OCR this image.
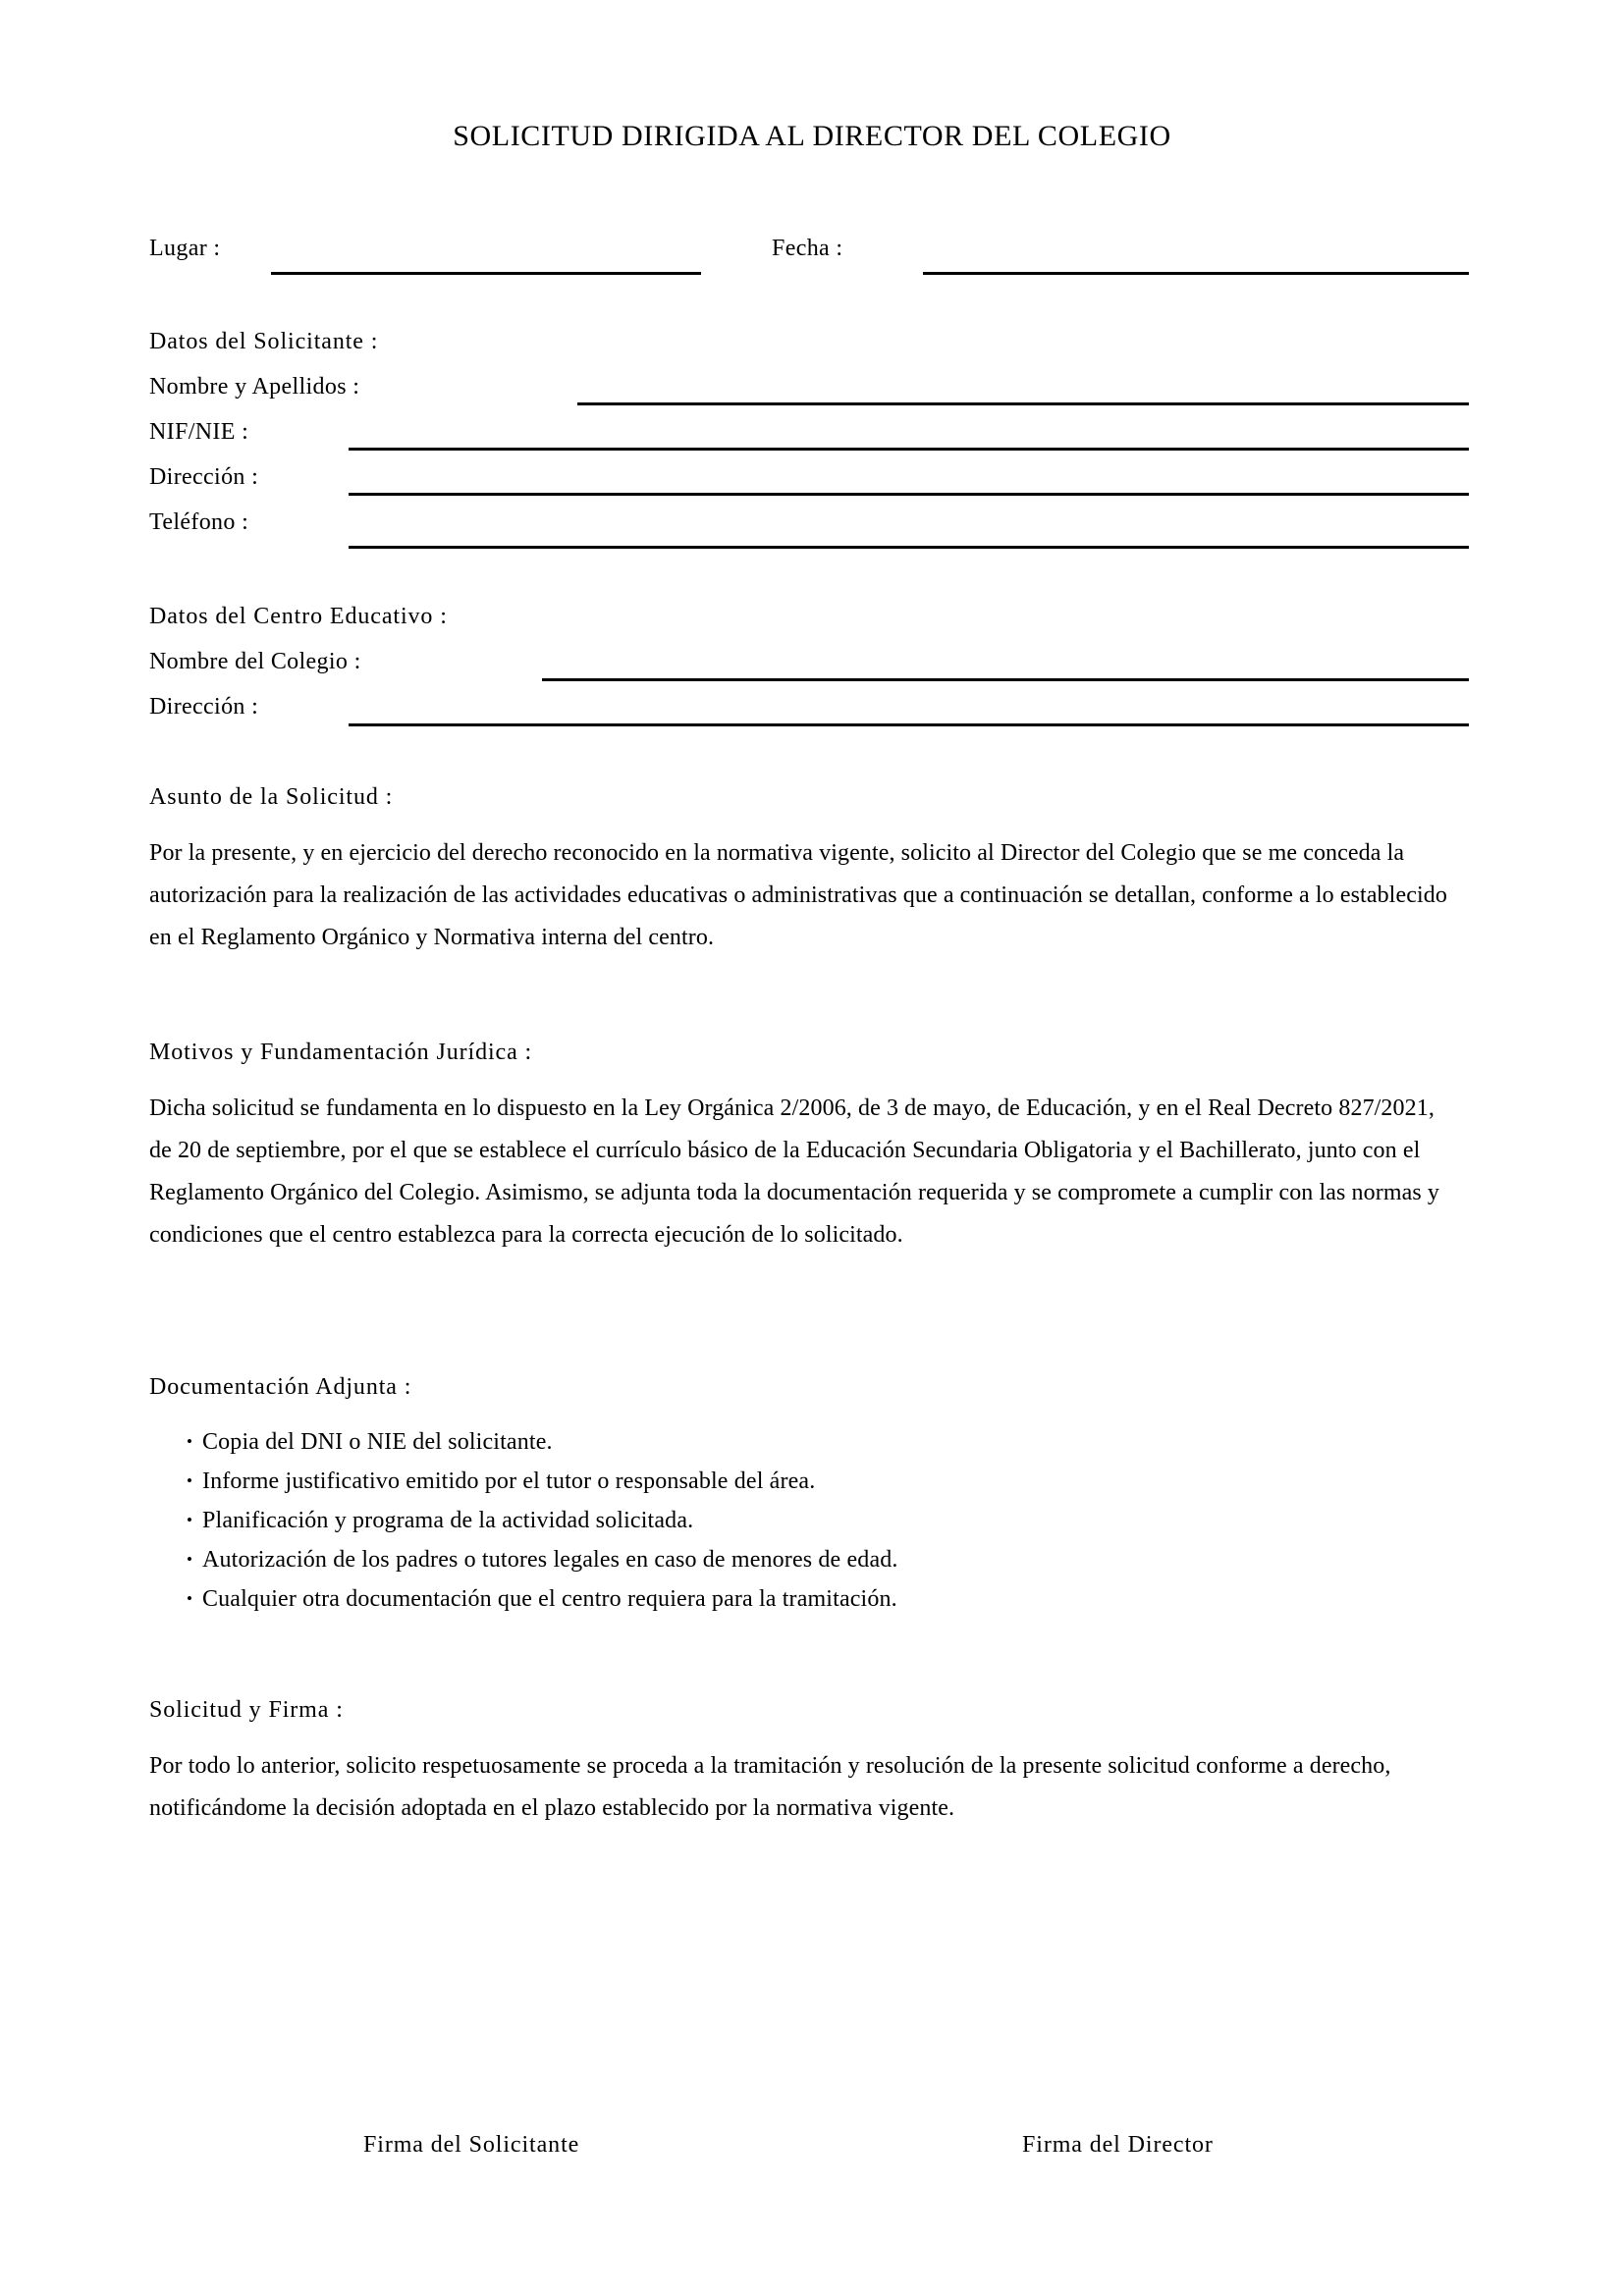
SOLICITUD DIRIGIDA AL DIRECTOR DEL COLEGIO
Lugar :	Fecha :
Datos del Solicitante :
Nombre y Apellidos :
NIF/NIE :
Dirección :
Teléfono :
Datos del Centro Educativo :
Nombre del Colegio :
Dirección :
Asunto de la Solicitud :
Por la presente, y en ejercicio del derecho reconocido en la normativa vigente, solicito al Director del Colegio que se me conceda la autorización para la realización de las actividades educativas o administrativas que a continuación se detallan, conforme a lo establecido en el Reglamento Orgánico y Normativa interna del centro.
Motivos y Fundamentación Jurídica :
Dicha solicitud se fundamenta en lo dispuesto en la Ley Orgánica 2/2006, de 3 de mayo, de Educación, y en el Real Decreto 827/2021, de 20 de septiembre, por el que se establece el currículo básico de la Educación Secundaria Obligatoria y el Bachillerato, junto con el Reglamento Orgánico del Colegio. Asimismo, se adjunta toda la documentación requerida y se compromete a cumplir con las normas y condiciones que el centro establezca para la correcta ejecución de lo solicitado.
Documentación Adjunta :
• Copia del DNI o NIE del solicitante.
• Informe justificativo emitido por el tutor o responsable del área.
• Planificación y programa de la actividad solicitada.
• Autorización de los padres o tutores legales en caso de menores de edad.
• Cualquier otra documentación que el centro requiera para la tramitación.
Solicitud y Firma :
Por todo lo anterior, solicito respetuosamente se proceda a la tramitación y resolución de la presente solicitud conforme a derecho, notificándome la decisión adoptada en el plazo establecido por la normativa vigente.
Firma del Solicitante	Firma del Director
